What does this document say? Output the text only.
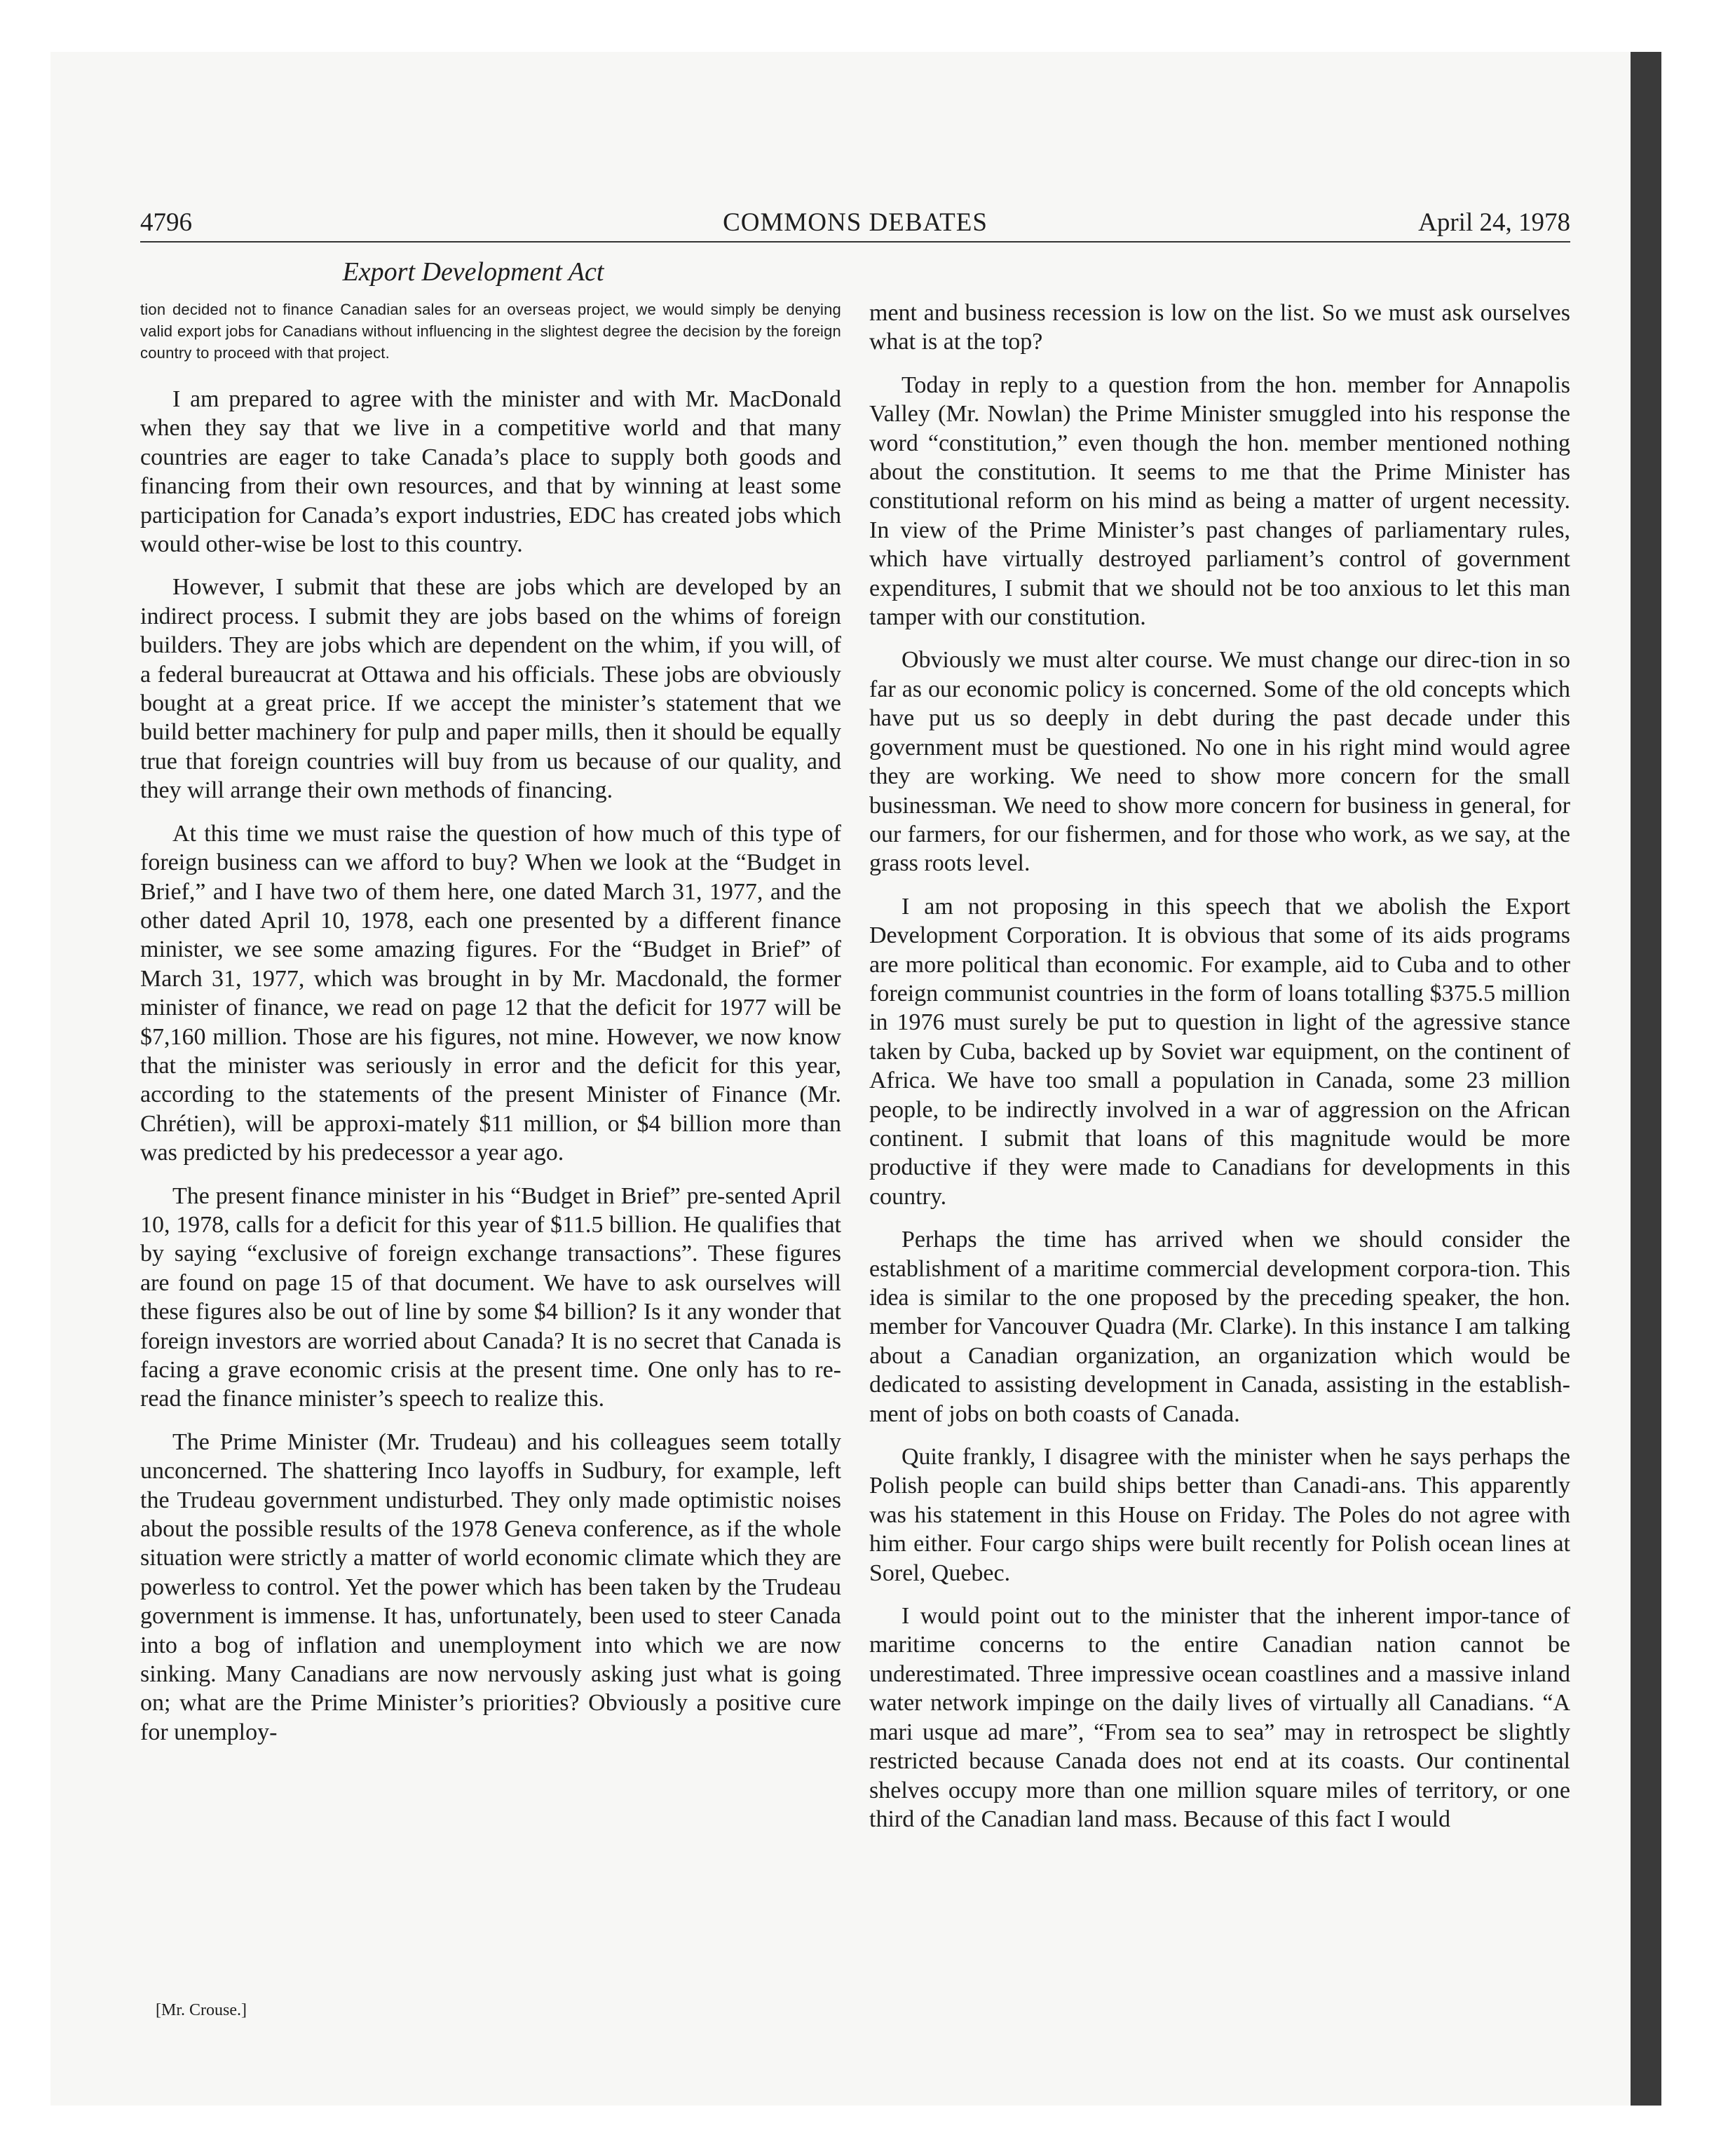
4796	COMMONS DEBATES	April 24, 1978
Export Development Act

tion decided not to finance Canadian sales for an overseas project, we would simply be denying valid export jobs for Canadians without influencing in the slightest degree the decision by the foreign country to proceed with that project.

I am prepared to agree with the minister and with Mr. MacDonald when they say that we live in a competitive world and that many countries are eager to take Canada’s place to supply both goods and financing from their own resources, and that by winning at least some participation for Canada’s export industries, EDC has created jobs which would other-wise be lost to this country.

However, I submit that these are jobs which are developed by an indirect process. I submit they are jobs based on the whims of foreign builders. They are jobs which are dependent on the whim, if you will, of a federal bureaucrat at Ottawa and his officials. These jobs are obviously bought at a great price. If we accept the minister’s statement that we build better machinery for pulp and paper mills, then it should be equally true that foreign countries will buy from us because of our quality, and they will arrange their own methods of financing.

At this time we must raise the question of how much of this type of foreign business can we afford to buy? When we look at the “Budget in Brief,” and I have two of them here, one dated March 31, 1977, and the other dated April 10, 1978, each one presented by a different finance minister, we see some amazing figures. For the “Budget in Brief” of March 31, 1977, which was brought in by Mr. Macdonald, the former minister of finance, we read on page 12 that the deficit for 1977 will be $7,160 million. Those are his figures, not mine. However, we now know that the minister was seriously in error and the deficit for this year, according to the statements of the present Minister of Finance (Mr. Chrétien), will be approxi-mately $11 million, or $4 billion more than was predicted by his predecessor a year ago.

The present finance minister in his “Budget in Brief” pre-sented April 10, 1978, calls for a deficit for this year of $11.5 billion. He qualifies that by saying “exclusive of foreign exchange transactions”. These figures are found on page 15 of that document. We have to ask ourselves will these figures also be out of line by some $4 billion? Is it any wonder that foreign investors are worried about Canada? It is no secret that Canada is facing a grave economic crisis at the present time. One only has to re-read the finance minister’s speech to realize this.

The Prime Minister (Mr. Trudeau) and his colleagues seem totally unconcerned. The shattering Inco layoffs in Sudbury, for example, left the Trudeau government undisturbed. They only made optimistic noises about the possible results of the 1978 Geneva conference, as if the whole situation were strictly a matter of world economic climate which they are powerless to control. Yet the power which has been taken by the Trudeau government is immense. It has, unfortunately, been used to steer Canada into a bog of inflation and unemployment into which we are now sinking. Many Canadians are now nervously asking just what is going on; what are the Prime Minister’s priorities? Obviously a positive cure for unemploy-

ment and business recession is low on the list. So we must ask ourselves what is at the top?

Today in reply to a question from the hon. member for Annapolis Valley (Mr. Nowlan) the Prime Minister smuggled into his response the word “constitution,” even though the hon. member mentioned nothing about the constitution. It seems to me that the Prime Minister has constitutional reform on his mind as being a matter of urgent necessity. In view of the Prime Minister’s past changes of parliamentary rules, which have virtually destroyed parliament’s control of government expenditures, I submit that we should not be too anxious to let this man tamper with our constitution.

Obviously we must alter course. We must change our direc-tion in so far as our economic policy is concerned. Some of the old concepts which have put us so deeply in debt during the past decade under this government must be questioned. No one in his right mind would agree they are working. We need to show more concern for the small businessman. We need to show more concern for business in general, for our farmers, for our fishermen, and for those who work, as we say, at the grass roots level.

I am not proposing in this speech that we abolish the Export Development Corporation. It is obvious that some of its aids programs are more political than economic. For example, aid to Cuba and to other foreign communist countries in the form of loans totalling $375.5 million in 1976 must surely be put to question in light of the agressive stance taken by Cuba, backed up by Soviet war equipment, on the continent of Africa. We have too small a population in Canada, some 23 million people, to be indirectly involved in a war of aggression on the African continent. I submit that loans of this magnitude would be more productive if they were made to Canadians for developments in this country.

Perhaps the time has arrived when we should consider the establishment of a maritime commercial development corpora-tion. This idea is similar to the one proposed by the preceding speaker, the hon. member for Vancouver Quadra (Mr. Clarke). In this instance I am talking about a Canadian organization, an organization which would be dedicated to assisting development in Canada, assisting in the establish-ment of jobs on both coasts of Canada.

Quite frankly, I disagree with the minister when he says perhaps the Polish people can build ships better than Canadi-ans. This apparently was his statement in this House on Friday. The Poles do not agree with him either. Four cargo ships were built recently for Polish ocean lines at Sorel, Quebec.

I would point out to the minister that the inherent impor-tance of maritime concerns to the entire Canadian nation cannot be underestimated. Three impressive ocean coastlines and a massive inland water network impinge on the daily lives of virtually all Canadians. “A mari usque ad mare”, “From sea to sea” may in retrospect be slightly restricted because Canada does not end at its coasts. Our continental shelves occupy more than one million square miles of territory, or one third of the Canadian land mass. Because of this fact I would

[Mr. Crouse.]
